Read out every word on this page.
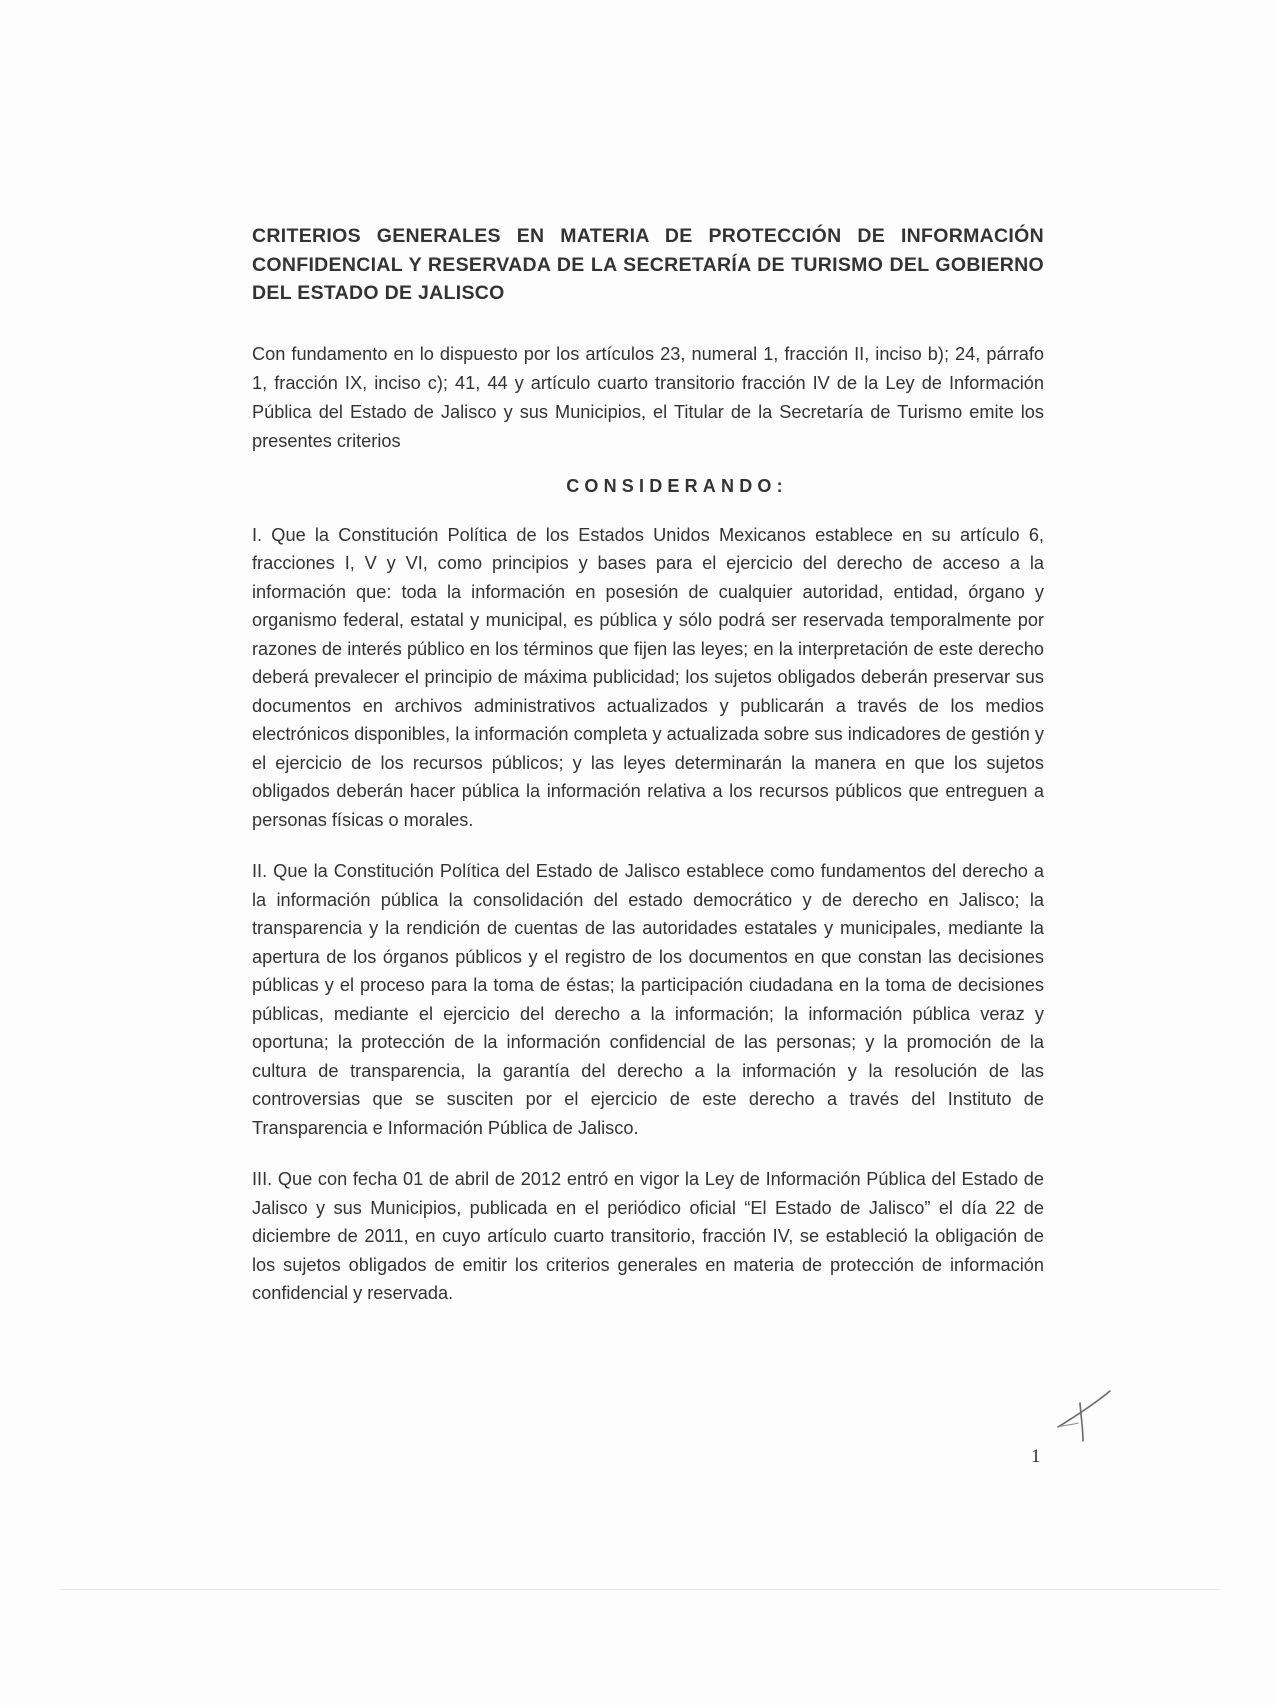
CRITERIOS GENERALES EN MATERIA DE PROTECCIÓN DE INFORMACIÓN CONFIDENCIAL Y RESERVADA DE LA SECRETARÍA DE TURISMO DEL GOBIERNO DEL ESTADO DE JALISCO

Con fundamento en lo dispuesto por los artículos 23, numeral 1, fracción II, inciso b); 24, párrafo 1, fracción IX, inciso c); 41, 44 y artículo cuarto transitorio fracción IV de la Ley de Información Pública del Estado de Jalisco y sus Municipios, el Titular de la Secretaría de Turismo emite los presentes criterios

CONSIDERANDO:

I. Que la Constitución Política de los Estados Unidos Mexicanos establece en su artículo 6, fracciones I, V y VI, como principios y bases para el ejercicio del derecho de acceso a la información que: toda la información en posesión de cualquier autoridad, entidad, órgano y organismo federal, estatal y municipal, es pública y sólo podrá ser reservada temporalmente por razones de interés público en los términos que fijen las leyes; en la interpretación de este derecho deberá prevalecer el principio de máxima publicidad; los sujetos obligados deberán preservar sus documentos en archivos administrativos actualizados y publicarán a través de los medios electrónicos disponibles, la información completa y actualizada sobre sus indicadores de gestión y el ejercicio de los recursos públicos; y las leyes determinarán la manera en que los sujetos obligados deberán hacer pública la información relativa a los recursos públicos que entreguen a personas físicas o morales.

II. Que la Constitución Política del Estado de Jalisco establece como fundamentos del derecho a la información pública la consolidación del estado democrático y de derecho en Jalisco; la transparencia y la rendición de cuentas de las autoridades estatales y municipales, mediante la apertura de los órganos públicos y el registro de los documentos en que constan las decisiones públicas y el proceso para la toma de éstas; la participación ciudadana en la toma de decisiones públicas, mediante el ejercicio del derecho a la información; la información pública veraz y oportuna; la protección de la información confidencial de las personas; y la promoción de la cultura de transparencia, la garantía del derecho a la información y la resolución de las controversias que se susciten por el ejercicio de este derecho a través del Instituto de Transparencia e Información Pública de Jalisco.

III. Que con fecha 01 de abril de 2012 entró en vigor la Ley de Información Pública del Estado de Jalisco y sus Municipios, publicada en el periódico oficial “El Estado de Jalisco” el día 22 de diciembre de 2011, en cuyo artículo cuarto transitorio, fracción IV, se estableció la obligación de los sujetos obligados de emitir los criterios generales en materia de protección de información confidencial y reservada.

1
